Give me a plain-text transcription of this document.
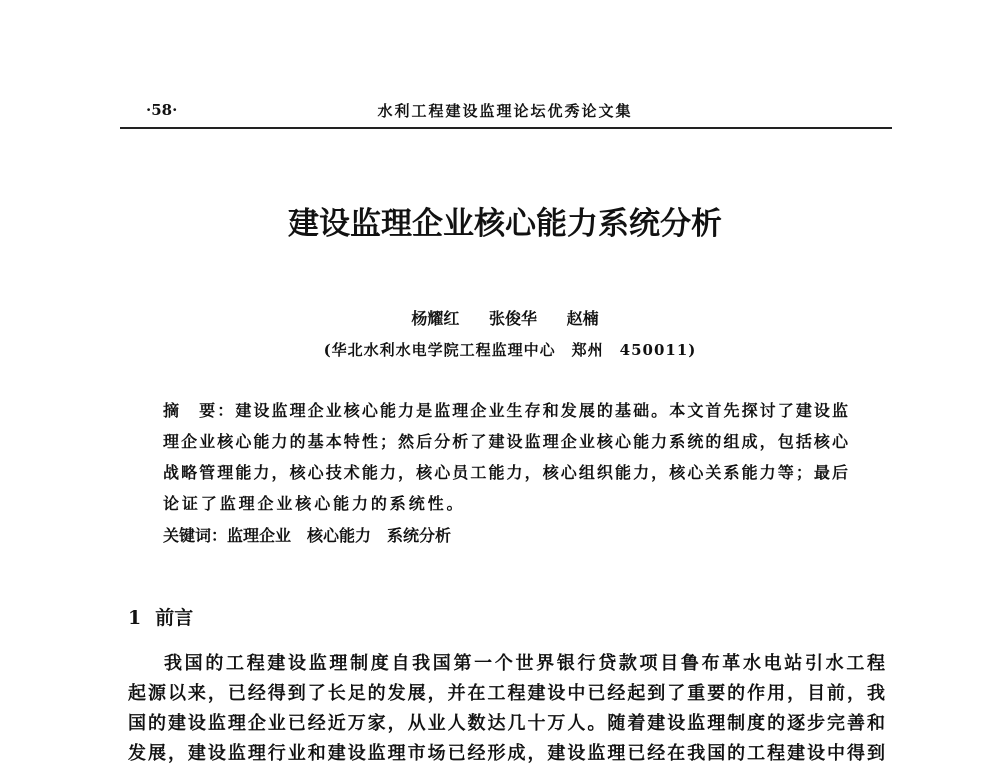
·58·	水利工程建设监理论坛优秀论文集
建设监理企业核心能力系统分析
杨耀红 张俊华 赵楠
(华北水利水电学院工程监理中心　郑州　450011)
摘　要：建设监理企业核心能力是监理企业生存和发展的基础。本文首先探讨了建设监
理企业核心能力的基本特性；然后分析了建设监理企业核心能力系统的组成，包括核心
战略管理能力，核心技术能力，核心员工能力，核心组织能力，核心关系能力等；最后
论证了监理企业核心能力的系统性。
关键词：监理企业 核心能力 系统分析
1 前言
我国的工程建设监理制度自我国第一个世界银行贷款项目鲁布革水电站引水工程
起源以来，已经得到了长足的发展，并在工程建设中已经起到了重要的作用，目前，我
国的建设监理企业已经近万家，从业人数达几十万人。随着建设监理制度的逐步完善和
发展，建设监理行业和建设监理市场已经形成，建设监理已经在我国的工程建设中得到
